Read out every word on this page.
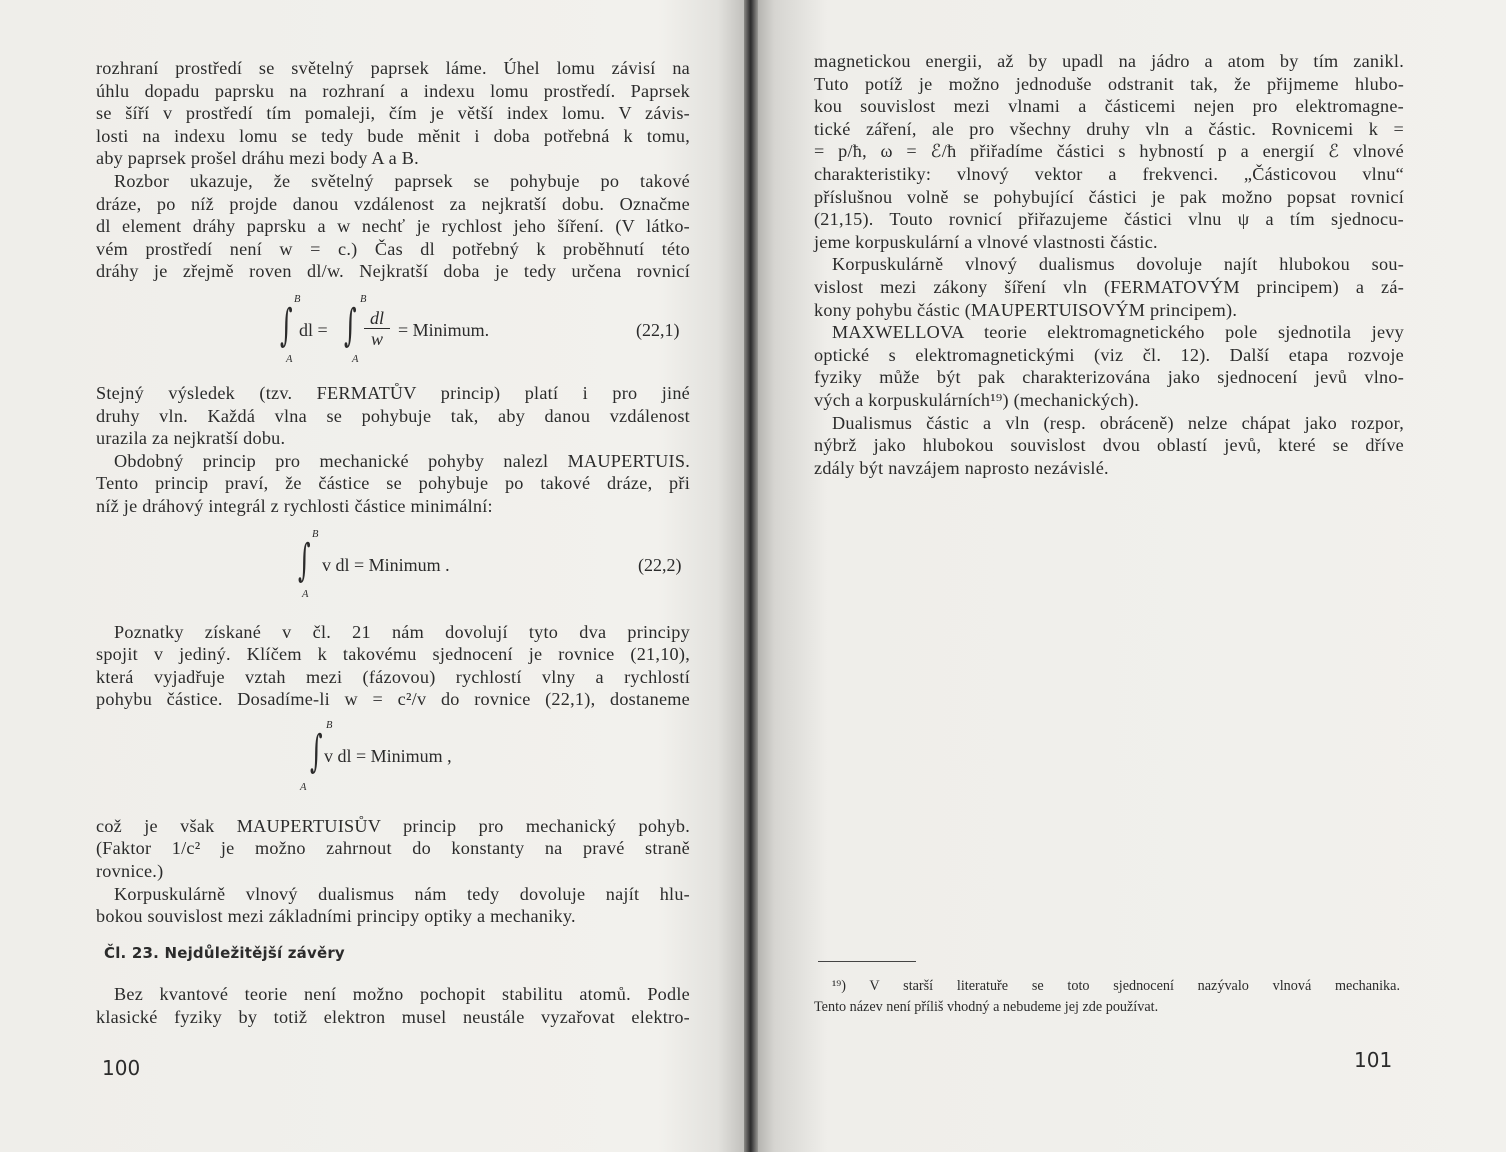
rozhraní prostředí se světelný paprsek láme. Úhel lomu závisí na

úhlu dopadu paprsku na rozhraní a indexu lomu prostředí. Paprsek

se šíří v prostředí tím pomaleji, čím je větší index lomu. V závis-

losti na indexu lomu se tedy bude měnit i doba potřebná k tomu,

aby paprsek prošel dráhu mezi body A a B.

Rozbor ukazuje, že světelný paprsek se pohybuje po takové

dráze, po níž projde danou vzdálenost za nejkratší dobu. Označme

dl element dráhy paprsku a w nechť je rychlost jeho šíření. (V látko-

vém prostředí není w = c.) Čas dl potřebný k proběhnutí této

dráhy je zřejmě roven dl/w. Nejkratší doba je tedy určena rovnicí

Stejný výsledek (tzv. FERMATŮV princip) platí i pro jiné

druhy vln. Každá vlna se pohybuje tak, aby danou vzdálenost

urazila za nejkratší dobu.

Obdobný princip pro mechanické pohyby nalezl MAUPERTUIS.

Tento princip praví, že částice se pohybuje po takové dráze, při

níž je dráhový integrál z rychlosti částice minimální:

Poznatky získané v čl. 21 nám dovolují tyto dva principy

spojit v jediný. Klíčem k takovému sjednocení je rovnice (21,10),

která vyjadřuje vztah mezi (fázovou) rychlostí vlny a rychlostí

pohybu částice. Dosadíme-li w = c²/v do rovnice (22,1), dostaneme

což je však MAUPERTUISŮV princip pro mechanický pohyb.

(Faktor 1/c² je možno zahrnout do konstanty na pravé straně

rovnice.)

Korpuskulárně vlnový dualismus nám tedy dovoluje najít hlu-

bokou souvislost mezi základními principy optiky a mechaniky.

B
∫
A
dl =
B
∫
A
dl
w = Minimum.	(22,1)
B
∫
A
v dl = Minimum .	(22,2)
B
∫
A
v dl = Minimum ,
Čl. 23. Nejdůležitější závěry

Bez kvantové teorie není možno pochopit stabilitu atomů. Podle

klasické fyziky by totiž elektron musel neustále vyzařovat elektro-

100

magnetickou energii, až by upadl na jádro a atom by tím zanikl.

Tuto potíž je možno jednoduše odstranit tak, že přijmeme hlubo-

kou souvislost mezi vlnami a částicemi nejen pro elektromagne-

tické záření, ale pro všechny druhy vln a částic. Rovnicemi k =

= p/ħ, ω = ℰ/ħ přiřadíme částici s hybností p a energií ℰ vlnové

charakteristiky: vlnový vektor a frekvenci. „Částicovou vlnu“

příslušnou volně se pohybující částici je pak možno popsat rovnicí

(21,15). Touto rovnicí přiřazujeme částici vlnu ψ a tím sjednocu-

jeme korpuskulární a vlnové vlastnosti částic.

Korpuskulárně vlnový dualismus dovoluje najít hlubokou sou-

vislost mezi zákony šíření vln (FERMATOVÝM principem) a zá-

kony pohybu částic (MAUPERTUISOVÝM principem).

MAXWELLOVA teorie elektromagnetického pole sjednotila jevy

optické s elektromagnetickými (viz čl. 12). Další etapa rozvoje

fyziky může být pak charakterizována jako sjednocení jevů vlno-

vých a korpuskulárních¹⁹) (mechanických).

Dualismus částic a vln (resp. obráceně) nelze chápat jako rozpor,

nýbrž jako hlubokou souvislost dvou oblastí jevů, které se dříve

zdály být navzájem naprosto nezávislé.

¹⁹) V starší literatuře se toto sjednocení nazývalo vlnová mechanika.

Tento název není příliš vhodný a nebudeme jej zde používat.

101
